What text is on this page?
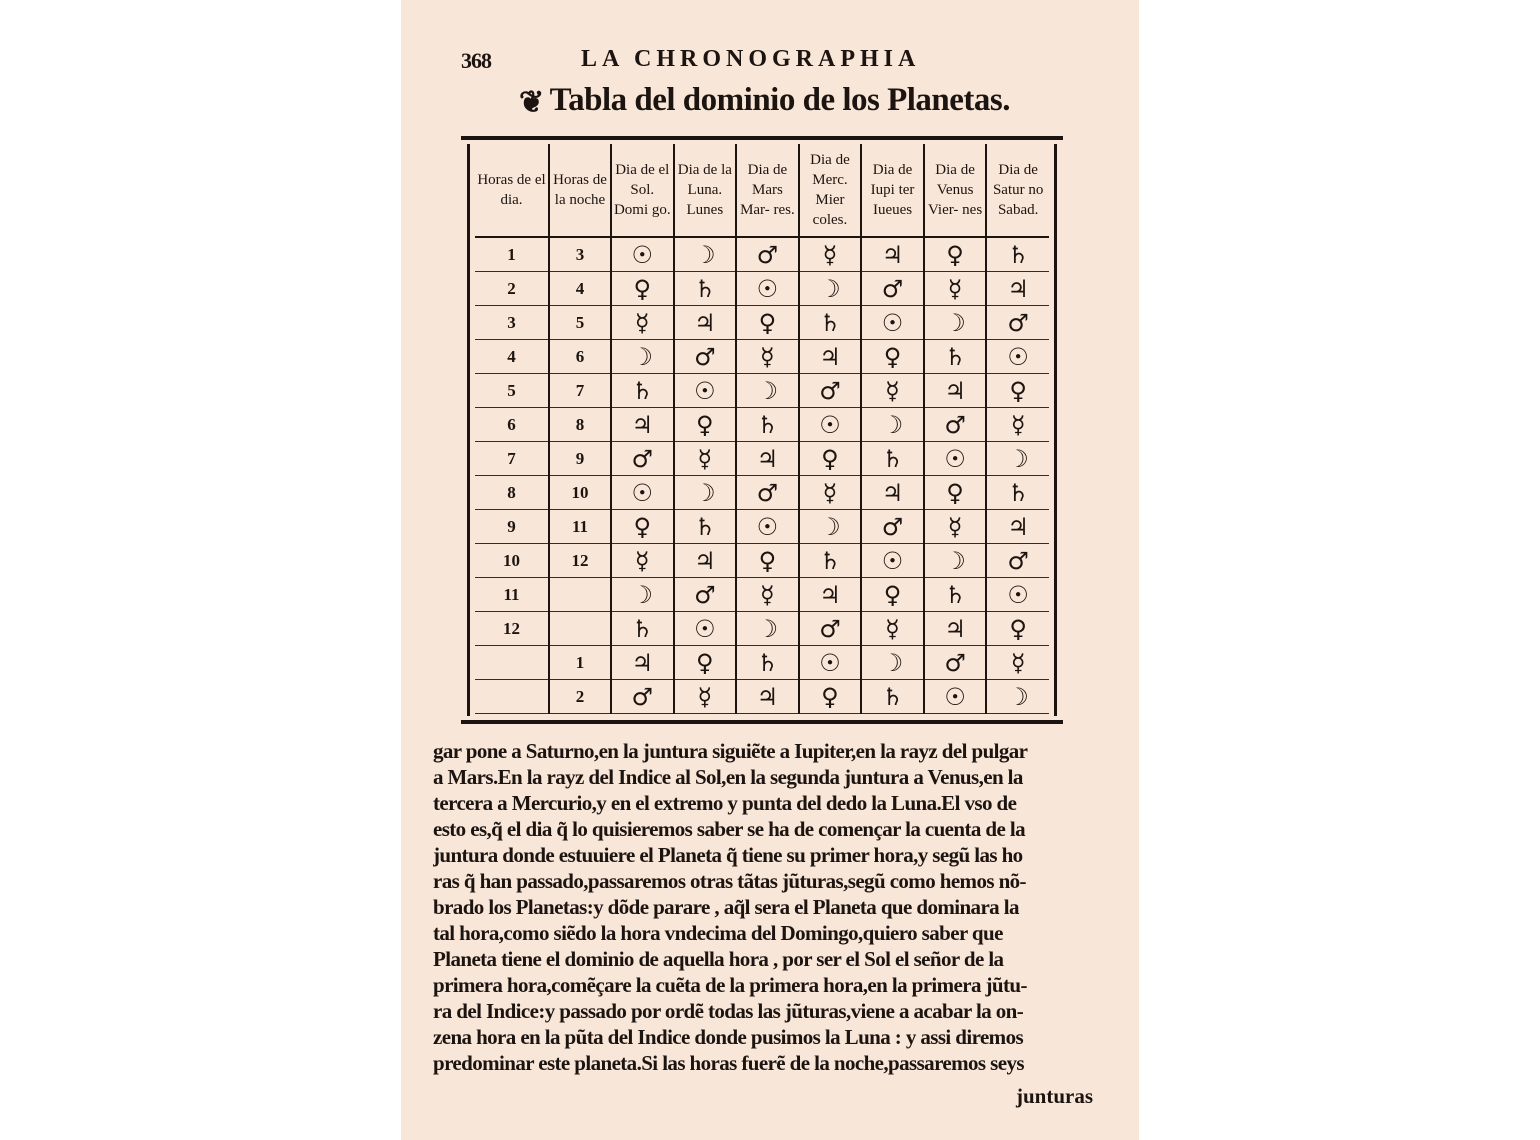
368	LA CHRONOGRAPHIA
❦ Tabla del dominio de los Planetas.
Horas de el dia.	Horas de la noche	Dia de el Sol. Domi go.	Dia de la Luna. Lunes	Dia de Mars Mar- res.	Dia de Merc. Mier coles.	Dia de Iupi ter Iueues	Dia de Venus Vier- nes	Dia de Satur no Sabad.
1	3	☉	☽	♂	☿	♃	♀	♄
2	4	♀	♄	☉	☽	♂	☿	♃
3	5	☿	♃	♀	♄	☉	☽	♂
4	6	☽	♂	☿	♃	♀	♄	☉
5	7	♄	☉	☽	♂	☿	♃	♀
6	8	♃	♀	♄	☉	☽	♂	☿
7	9	♂	☿	♃	♀	♄	☉	☽
8	10	☉	☽	♂	☿	♃	♀	♄
9	11	♀	♄	☉	☽	♂	☿	♃
10	12	☿	♃	♀	♄	☉	☽	♂
11		☽	♂	☿	♃	♀	♄	☉
12		♄	☉	☽	♂	☿	♃	♀
	1	♃	♀	♄	☉	☽	♂	☿
	2	♂	☿	♃	♀	♄	☉	☽
gar pone a Saturno,en la juntura siguiẽte a Iupiter,en la rayz del pulgar
a Mars.En la rayz del Indice al Sol,en la segunda juntura a Venus,en la
tercera a Mercurio,y en el extremo y punta del dedo la Luna.El vso de
esto es,q̃ el dia q̃ lo quisieremos saber se ha de començar la cuenta de la
juntura donde estuuiere el Planeta q̃ tiene su primer hora,y segũ las ho
ras q̃ han passado,passaremos otras tãtas jũturas,segũ como hemos nõ-
brado los Planetas:y dõde parare , aq̃l sera el Planeta que dominara la
tal hora,como siẽdo la hora vndecima del Domingo,quiero saber que
Planeta tiene el dominio de aquella hora , por ser el Sol el señor de la
primera hora,comẽçare la cuẽta de la primera hora,en la primera jũtu-
ra del Indice:y passado por ordẽ todas las jũturas,viene a acabar la on-
zena hora en la pũta del Indice donde pusimos la Luna : y assi diremos
predominar este planeta.Si las horas fuerẽ de la noche,passaremos seys
junturas
